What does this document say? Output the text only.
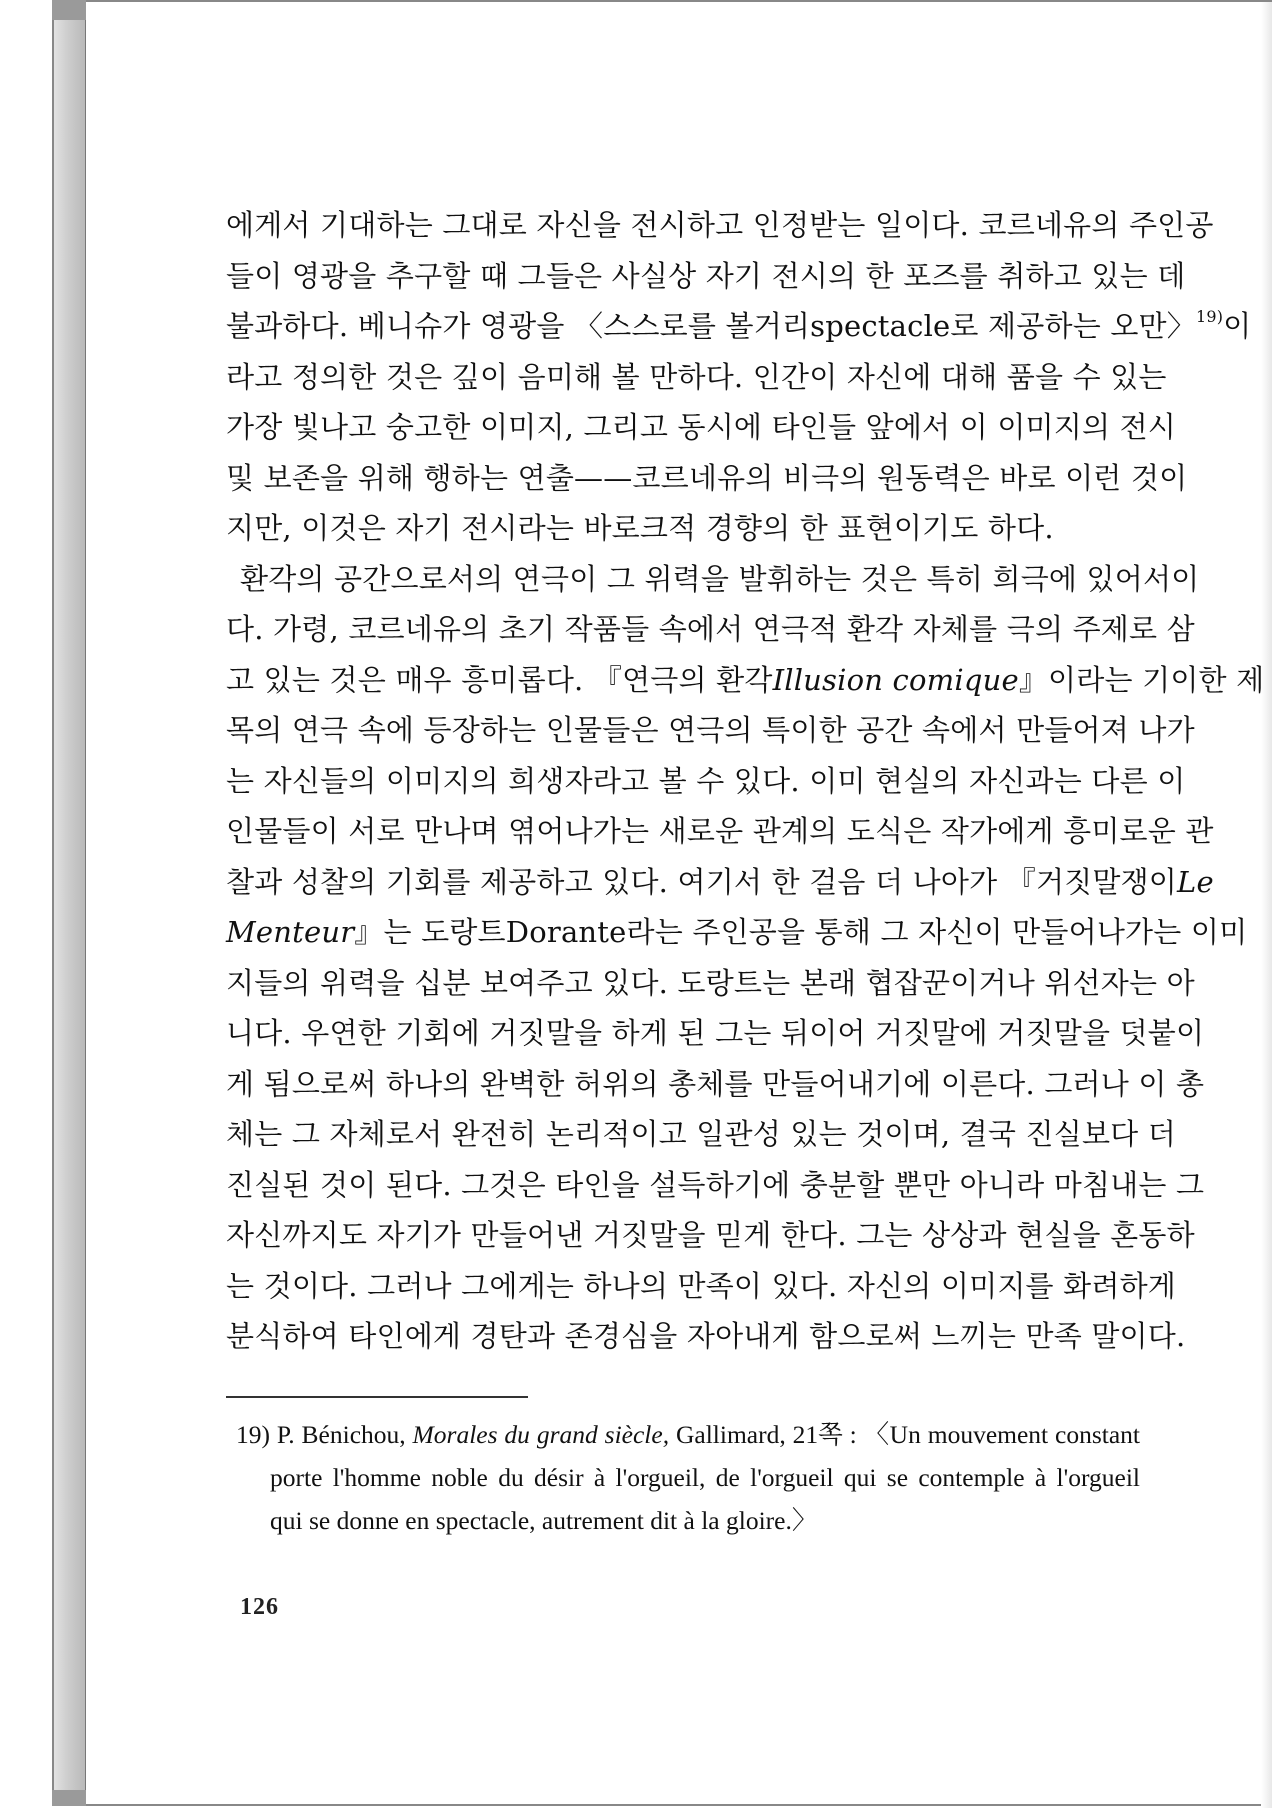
에게서 기대하는 그대로 자신을 전시하고 인정받는 일이다. 코르네유의 주인공
들이 영광을 추구할 때 그들은 사실상 자기 전시의 한 포즈를 취하고 있는 데
불과하다. 베니슈가 영광을 〈스스로를 볼거리spectacle로 제공하는 오만〉$^{19)}$이
라고 정의한 것은 깊이 음미해 볼 만하다. 인간이 자신에 대해 품을 수 있는
가장 빛나고 숭고한 이미지, 그리고 동시에 타인들 앞에서 이 이미지의 전시
및 보존을 위해 행하는 연출——코르네유의 비극의 원동력은 바로 이런 것이
지만, 이것은 자기 전시라는 바로크적 경향의 한 표현이기도 하다.
환각의 공간으로서의 연극이 그 위력을 발휘하는 것은 특히 희극에 있어서이
다. 가령, 코르네유의 초기 작품들 속에서 연극적 환각 자체를 극의 주제로 삼
고 있는 것은 매우 흥미롭다. 『연극의 환각Illusion comique』이라는 기이한 제
목의 연극 속에 등장하는 인물들은 연극의 특이한 공간 속에서 만들어져 나가
는 자신들의 이미지의 희생자라고 볼 수 있다. 이미 현실의 자신과는 다른 이
인물들이 서로 만나며 엮어나가는 새로운 관계의 도식은 작가에게 흥미로운 관
찰과 성찰의 기회를 제공하고 있다. 여기서 한 걸음 더 나아가 『거짓말쟁이Le
Menteur』는 도랑트Dorante라는 주인공을 통해 그 자신이 만들어나가는 이미
지들의 위력을 십분 보여주고 있다. 도랑트는 본래 협잡꾼이거나 위선자는 아
니다. 우연한 기회에 거짓말을 하게 된 그는 뒤이어 거짓말에 거짓말을 덧붙이
게 됨으로써 하나의 완벽한 허위의 총체를 만들어내기에 이른다. 그러나 이 총
체는 그 자체로서 완전히 논리적이고 일관성 있는 것이며, 결국 진실보다 더
진실된 것이 된다. 그것은 타인을 설득하기에 충분할 뿐만 아니라 마침내는 그
자신까지도 자기가 만들어낸 거짓말을 믿게 한다. 그는 상상과 현실을 혼동하
는 것이다. 그러나 그에게는 하나의 만족이 있다. 자신의 이미지를 화려하게
분식하여 타인에게 경탄과 존경심을 자아내게 함으로써 느끼는 만족 말이다.
19) P. Bénichou, Morales du grand siècle, Gallimard, 21쪽 : 〈Un mouvement constant
porte l'homme noble du désir à l'orgueil, de l'orgueil qui se contemple à l'orgueil
qui se donne en spectacle, autrement dit à la gloire.〉
126
